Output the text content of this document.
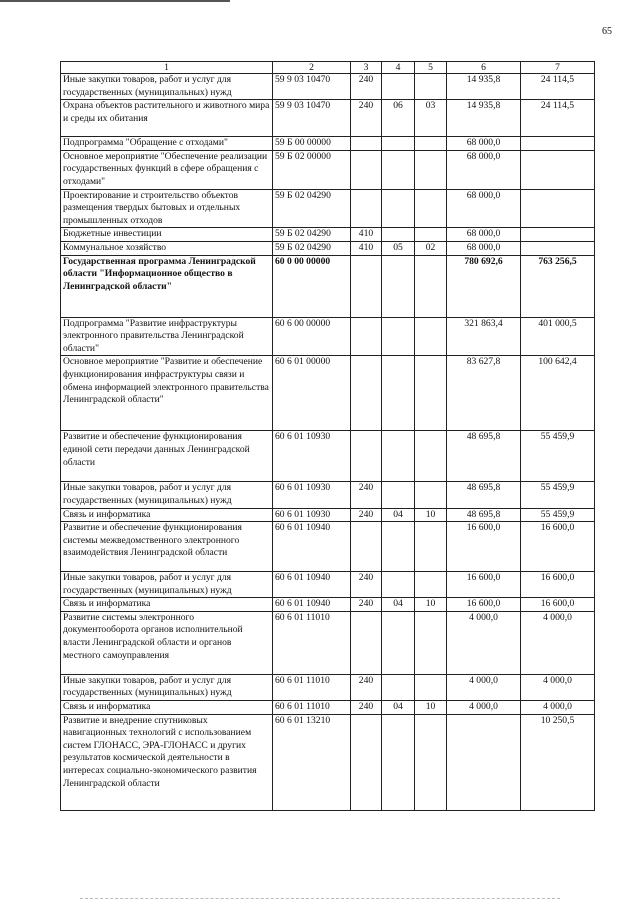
65
1	2	3	4	5	6	7
Иные закупки товаров, работ и услуг для государственных (муниципальных) нужд	59 9 03 10470	240			14 935,8	24 114,5
Охрана объектов растительного и животного мира и среды их обитания	59 9 03 10470	240	06	03	14 935,8	24 114,5
Подпрограмма "Обращение с отходами"	59 Б 00 00000				68 000,0	
Основное мероприятие "Обеспечение реализации государственных функций в сфере обращения с отходами"	59 Б 02 00000				68 000,0	
Проектирование и строительство объектов размещения твердых бытовых и отдельных промышленных отходов	59 Б 02 04290				68 000,0	
Бюджетные инвестиции	59 Б 02 04290	410			68 000,0	
Коммунальное хозяйство	59 Б 02 04290	410	05	02	68 000,0	
Государственная программа Ленинградской области "Информационное общество в Ленинградской области"	60 0 00 00000				780 692,6	763 256,5
Подпрограмма "Развитие инфраструктуры электронного правительства Ленинградской области"	60 6 00 00000				321 863,4	401 000,5
Основное мероприятие "Развитие и обеспечение функционирования инфраструктуры связи и обмена информацией электронного правительства Ленинградской области"	60 6 01 00000				83 627,8	100 642,4
Развитие и обеспечение функционирования единой сети передачи данных Ленинградской области	60 6 01 10930				48 695,8	55 459,9
Иные закупки товаров, работ и услуг для государственных (муниципальных) нужд	60 6 01 10930	240			48 695,8	55 459,9
Связь и информатика	60 6 01 10930	240	04	10	48 695,8	55 459,9
Развитие и обеспечение функционирования системы межведомственного электронного взаимодействия Ленинградской области	60 6 01 10940				16 600,0	16 600,0
Иные закупки товаров, работ и услуг для государственных (муниципальных) нужд	60 6 01 10940	240			16 600,0	16 600,0
Связь и информатика	60 6 01 10940	240	04	10	16 600,0	16 600,0
Развитие системы электронного документооборота органов исполнительной власти Ленинградской области и органов местного самоуправления	60 6 01 11010				4 000,0	4 000,0
Иные закупки товаров, работ и услуг для государственных (муниципальных) нужд	60 6 01 11010	240			4 000,0	4 000,0
Связь и информатика	60 6 01 11010	240	04	10	4 000,0	4 000,0
Развитие и внедрение спутниковых навигационных технологий с использованием систем ГЛОНАСС, ЭРА-ГЛОНАСС и других результатов космической деятельности в интересах социально-экономического развития Ленинградской области	60 6 01 13210					10 250,5
